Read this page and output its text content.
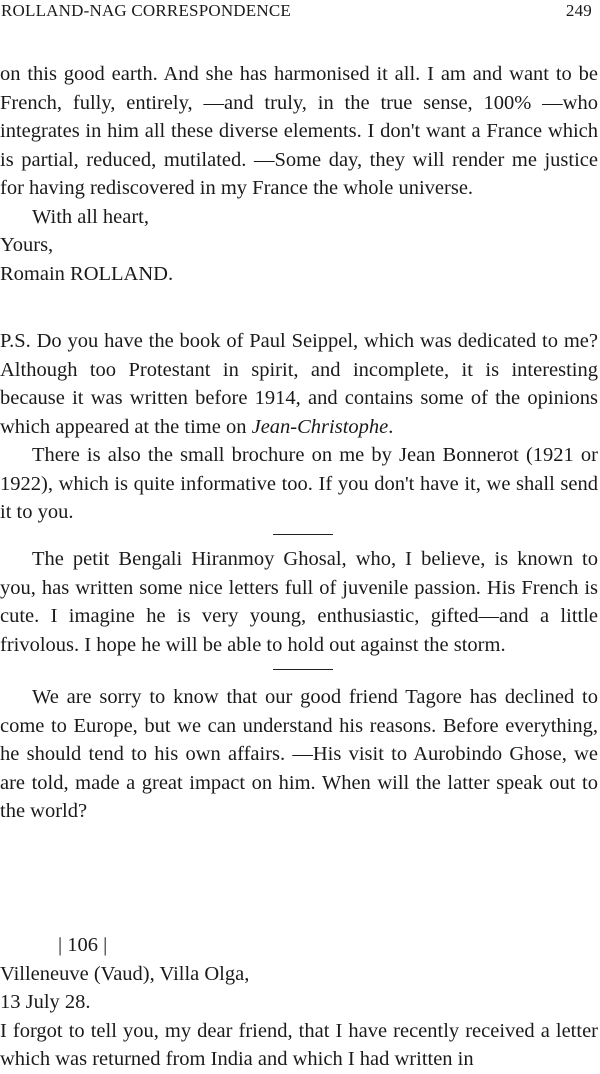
ROLLAND-NAG CORRESPONDENCE	249

on this good earth. And she has harmonised it all. I am and want to be French, fully, entirely, —and truly, in the true sense, 100% —who integrates in him all these diverse elements. I don't want a France which is partial, reduced, mutilated. —Some day, they will render me justice for having rediscovered in my France the whole universe.

With all heart,

Yours,

Romain ROLLAND.

P.S. Do you have the book of Paul Seippel, which was dedicated to me? Although too Protestant in spirit, and incomplete, it is interesting because it was written before 1914, and contains some of the opinions which appeared at the time on Jean-Christophe.

There is also the small brochure on me by Jean Bonnerot (1921 or 1922), which is quite informative too. If you don't have it, we shall send it to you.

The petit Bengali Hiranmoy Ghosal, who, I believe, is known to you, has written some nice letters full of juvenile passion. His French is cute. I imagine he is very young, enthusiastic, gifted—and a little frivolous. I hope he will be able to hold out against the storm.

We are sorry to know that our good friend Tagore has declined to come to Europe, but we can understand his reasons. Before everything, he should tend to his own affairs. —His visit to Aurobindo Ghose, we are told, made a great impact on him. When will the latter speak out to the world?

| 106 |

Villeneuve (Vaud), Villa Olga,

13 July 28.

I forgot to tell you, my dear friend, that I have recently received a letter which was returned from India and which I had written in
